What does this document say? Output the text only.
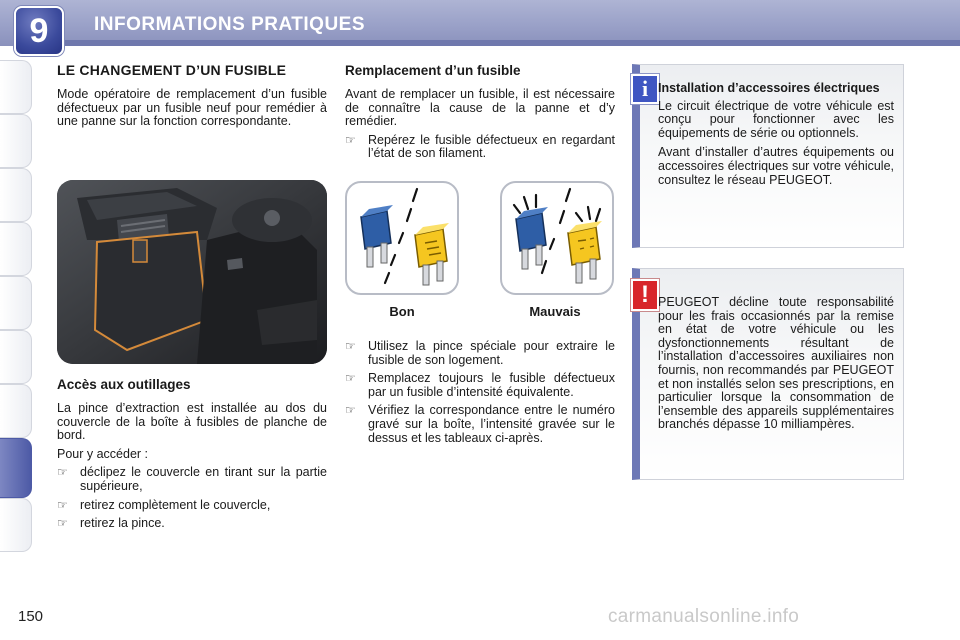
9	INFORMATIONS PRATIQUES
150
LE CHANGEMENT D’UN FUSIBLE

Mode opératoire de remplacement d’un fusible défectueux par un fusible neuf pour remédier à une panne sur la fonction correspondante.

Accès aux outillages

La pince d’extraction est installée au dos du couvercle de la boîte à fusibles de planche de bord.

Pour y accéder :

☞ déclipez le couvercle en tirant sur la partie supérieure,
☞ retirez complètement le couvercle,
☞ retirez la pince.
Remplacement d’un fusible

Avant de remplacer un fusible, il est nécessaire de connaître la cause de la panne et d’y remédier.

☞ Repérez le fusible défectueux en regardant l’état de son filament.
Bon	Mauvais
☞ Utilisez la pince spéciale pour extraire le fusible de son logement.
☞ Remplacez toujours le fusible défectueux par un fusible d’intensité équivalente.
☞ Vérifiez la correspondance entre le numéro gravé sur la boîte, l’intensité gravée sur le dessus et les tableaux ci-après.
i Installation d’accessoires électriques

Le circuit électrique de votre véhicule est conçu pour fonctionner avec les équipements de série ou optionnels.

Avant d’installer d’autres équipements ou accessoires électriques sur votre véhicule, consultez le réseau PEUGEOT.

! PEUGEOT décline toute responsabilité pour les frais occasionnés par la remise en état de votre véhicule ou les dysfonctionnements résultant de l’installation d’accessoires auxiliaires non fournis, non recommandés par PEUGEOT et non installés selon ses prescriptions, en particulier lorsque la consommation de l’ensemble des appareils supplémentaires branchés dépasse 10 milliampères.

carmanualsonline.info
